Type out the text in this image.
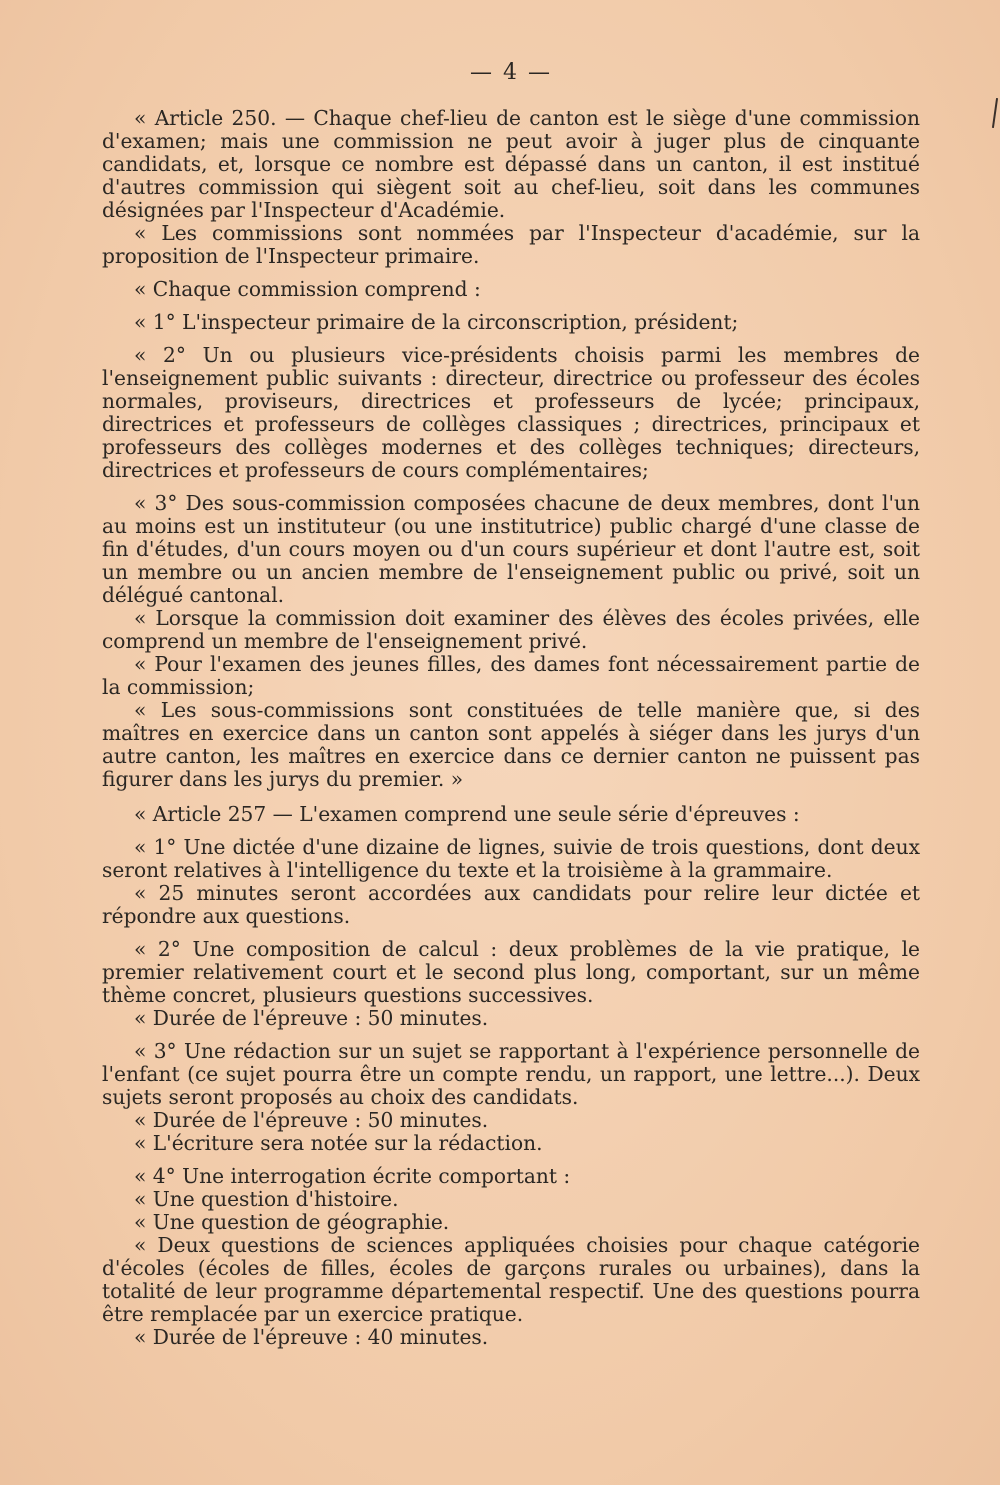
— 4 —

« Article 250. — Chaque chef-lieu de canton est le siège d'une commission d'examen; mais une commission ne peut avoir à juger plus de cinquante candidats, et, lorsque ce nombre est dépassé dans un canton, il est institué d'autres commission qui siègent soit au chef-lieu, soit dans les communes désignées par l'Inspecteur d'Académie.

« Les commissions sont nommées par l'Inspecteur d'académie, sur la proposition de l'Inspecteur primaire.

« Chaque commission comprend :

« 1° L'inspecteur primaire de la circonscription, président;

« 2° Un ou plusieurs vice-présidents choisis parmi les membres de l'enseignement public suivants : directeur, directrice ou professeur des écoles normales, proviseurs, directrices et professeurs de lycée; principaux, directrices et professeurs de collèges classiques ; directrices, principaux et professeurs des collèges modernes et des collèges techniques; directeurs, directrices et professeurs de cours complémentaires;

« 3° Des sous-commission composées chacune de deux membres, dont l'un au moins est un instituteur (ou une institutrice) public chargé d'une classe de fin d'études, d'un cours moyen ou d'un cours supérieur et dont l'autre est, soit un membre ou un ancien membre de l'enseignement public ou privé, soit un délégué cantonal.

« Lorsque la commission doit examiner des élèves des écoles privées, elle comprend un membre de l'enseignement privé.

« Pour l'examen des jeunes filles, des dames font nécessairement partie de la commission;

« Les sous-commissions sont constituées de telle manière que, si des maîtres en exercice dans un canton sont appelés à siéger dans les jurys d'un autre canton, les maîtres en exercice dans ce dernier canton ne puissent pas figurer dans les jurys du premier. »

« Article 257 — L'examen comprend une seule série d'épreuves :

« 1° Une dictée d'une dizaine de lignes, suivie de trois questions, dont deux seront relatives à l'intelligence du texte et la troisième à la grammaire.

« 25 minutes seront accordées aux candidats pour relire leur dictée et répondre aux questions.

« 2° Une composition de calcul : deux problèmes de la vie pratique, le premier relativement court et le second plus long, comportant, sur un même thème concret, plusieurs questions successives.

« Durée de l'épreuve : 50 minutes.

« 3° Une rédaction sur un sujet se rapportant à l'expérience personnelle de l'enfant (ce sujet pourra être un compte rendu, un rapport, une lettre...). Deux sujets seront proposés au choix des candidats.

« Durée de l'épreuve : 50 minutes.

« L'écriture sera notée sur la rédaction.

« 4° Une interrogation écrite comportant :

« Une question d'histoire.

« Une question de géographie.

« Deux questions de sciences appliquées choisies pour chaque catégorie d'écoles (écoles de filles, écoles de garçons rurales ou urbaines), dans la totalité de leur programme départemental respectif. Une des questions pourra être remplacée par un exercice pratique.

« Durée de l'épreuve : 40 minutes.
